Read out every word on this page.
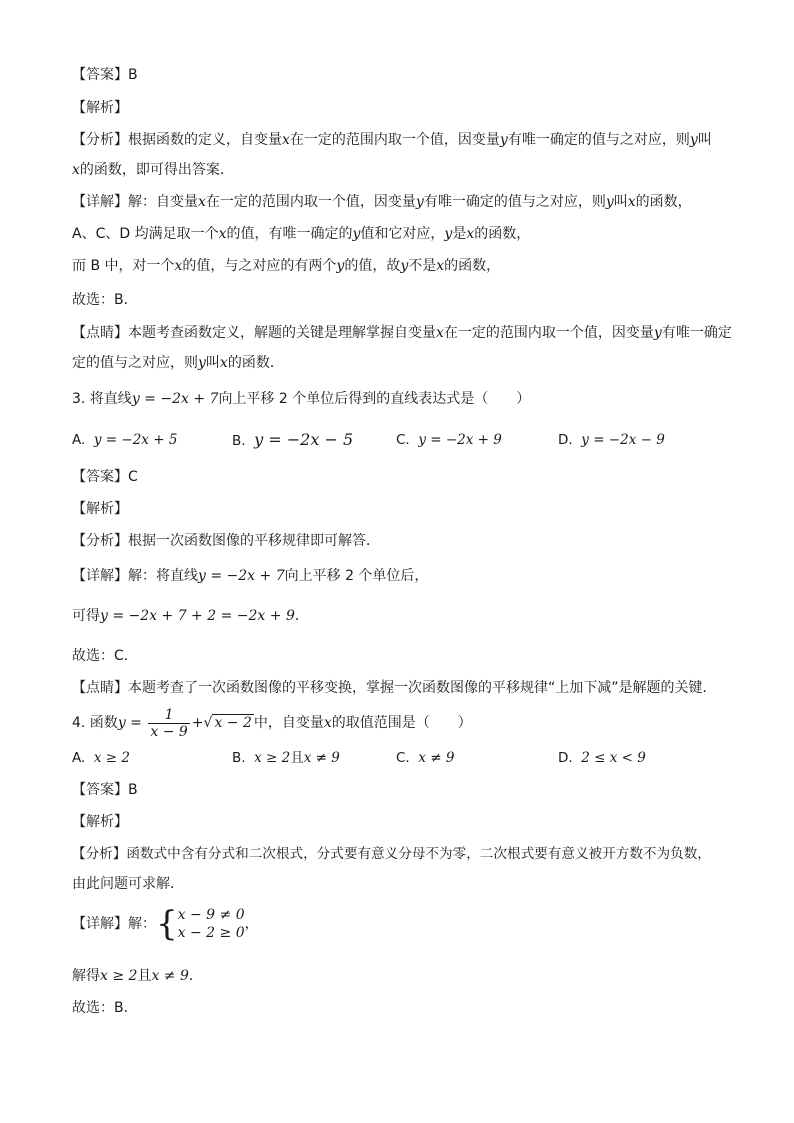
【答案】B
【解析】
【分析】根据函数的定义，自变量x在一定的范围内取一个值，因变量y有唯一确定的值与之对应，则y叫
x的函数，即可得出答案．
【详解】解：自变量x在一定的范围内取一个值，因变量y有唯一确定的值与之对应，则y叫x的函数，
A、C、D 均满足取一个x的值，有唯一确定的y值和它对应，y是x的函数，
而 B 中，对一个x的值，与之对应的有两个y的值，故y不是x的函数，
故选：B．
【点睛】本题考查函数定义，解题的关键是理解掌握自变量x在一定的范围内取一个值，因变量y有唯一确定
定的值与之对应，则y叫x的函数．
3. 将直线y = −2x + 7向上平移 2 个单位后得到的直线表达式是（　　）
A. y = −2x + 5	B. y = −2x − 5	C. y = −2x + 9	D. y = −2x − 9
【答案】C
【解析】
【分析】根据一次函数图像的平移规律即可解答．
【详解】解：将直线y = −2x + 7向上平移 2 个单位后，
可得y = −2x + 7 + 2 = −2x + 9．
故选：C．
【点睛】本题考查了一次函数图像的平移变换，掌握一次函数图像的平移规律“上加下减”是解题的关键．
4. 函数$y = \frac{1}{x - 9}$ +√ x − 2 中，自变量x的取值范围是（　　）
A. x ≥ 2	B. x ≥ 2且x ≠ 9	C. x ≠ 9	D. 2 ≤ x < 9
【答案】B
【解析】
【分析】函数式中含有分式和二次根式，分式要有意义分母不为零，二次根式要有意义被开方数不为负数，
由此问题可求解．
【详解】解：{ x − 9 ≠ 0
x − 2 ≥ 0
，
解得x ≥ 2且x ≠ 9．
故选：B．
